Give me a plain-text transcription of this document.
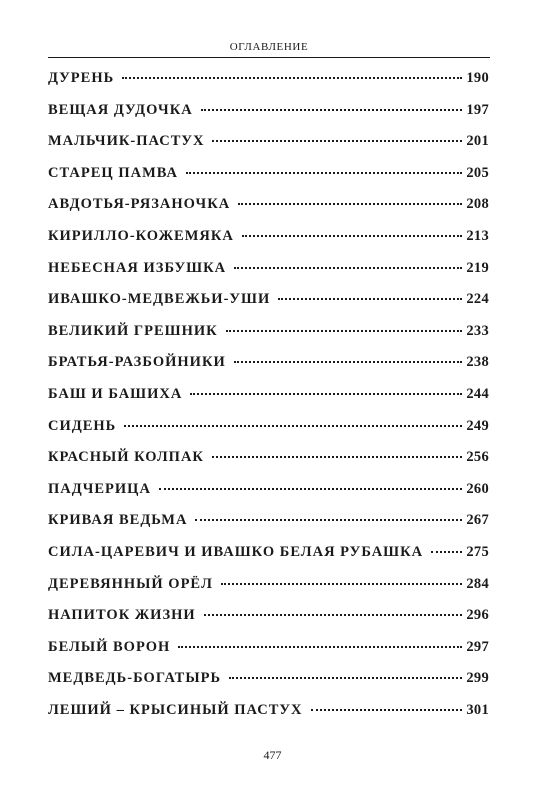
ОГЛАВЛЕНИЕ
ДУРЕНЬ	190
ВЕЩАЯ ДУДОЧКА	197
МАЛЬЧИК-ПАСТУХ	201
СТАРЕЦ ПАМВА	205
АВДОТЬЯ-РЯЗАНОЧКА	208
КИРИЛЛО-КОЖЕМЯКА	213
НЕБЕСНАЯ ИЗБУШКА	219
ИВАШКО-МЕДВЕЖЬИ-УШИ	224
ВЕЛИКИЙ ГРЕШНИК	233
БРАТЬЯ-РАЗБОЙНИКИ	238
БАШ И БАШИХА	244
СИДЕНЬ	249
КРАСНЫЙ КОЛПАК	256
ПАДЧЕРИЦА	260
КРИВАЯ ВЕДЬМА	267
СИЛА-ЦАРЕВИЧ И ИВАШКО БЕЛАЯ РУБАШКА	275
ДЕРЕВЯННЫЙ ОРЁЛ	284
НАПИТОК ЖИЗНИ	296
БЕЛЫЙ ВОРОН	297
МЕДВЕДЬ-БОГАТЫРЬ	299
ЛЕШИЙ – КРЫСИНЫЙ ПАСТУХ	301
477
